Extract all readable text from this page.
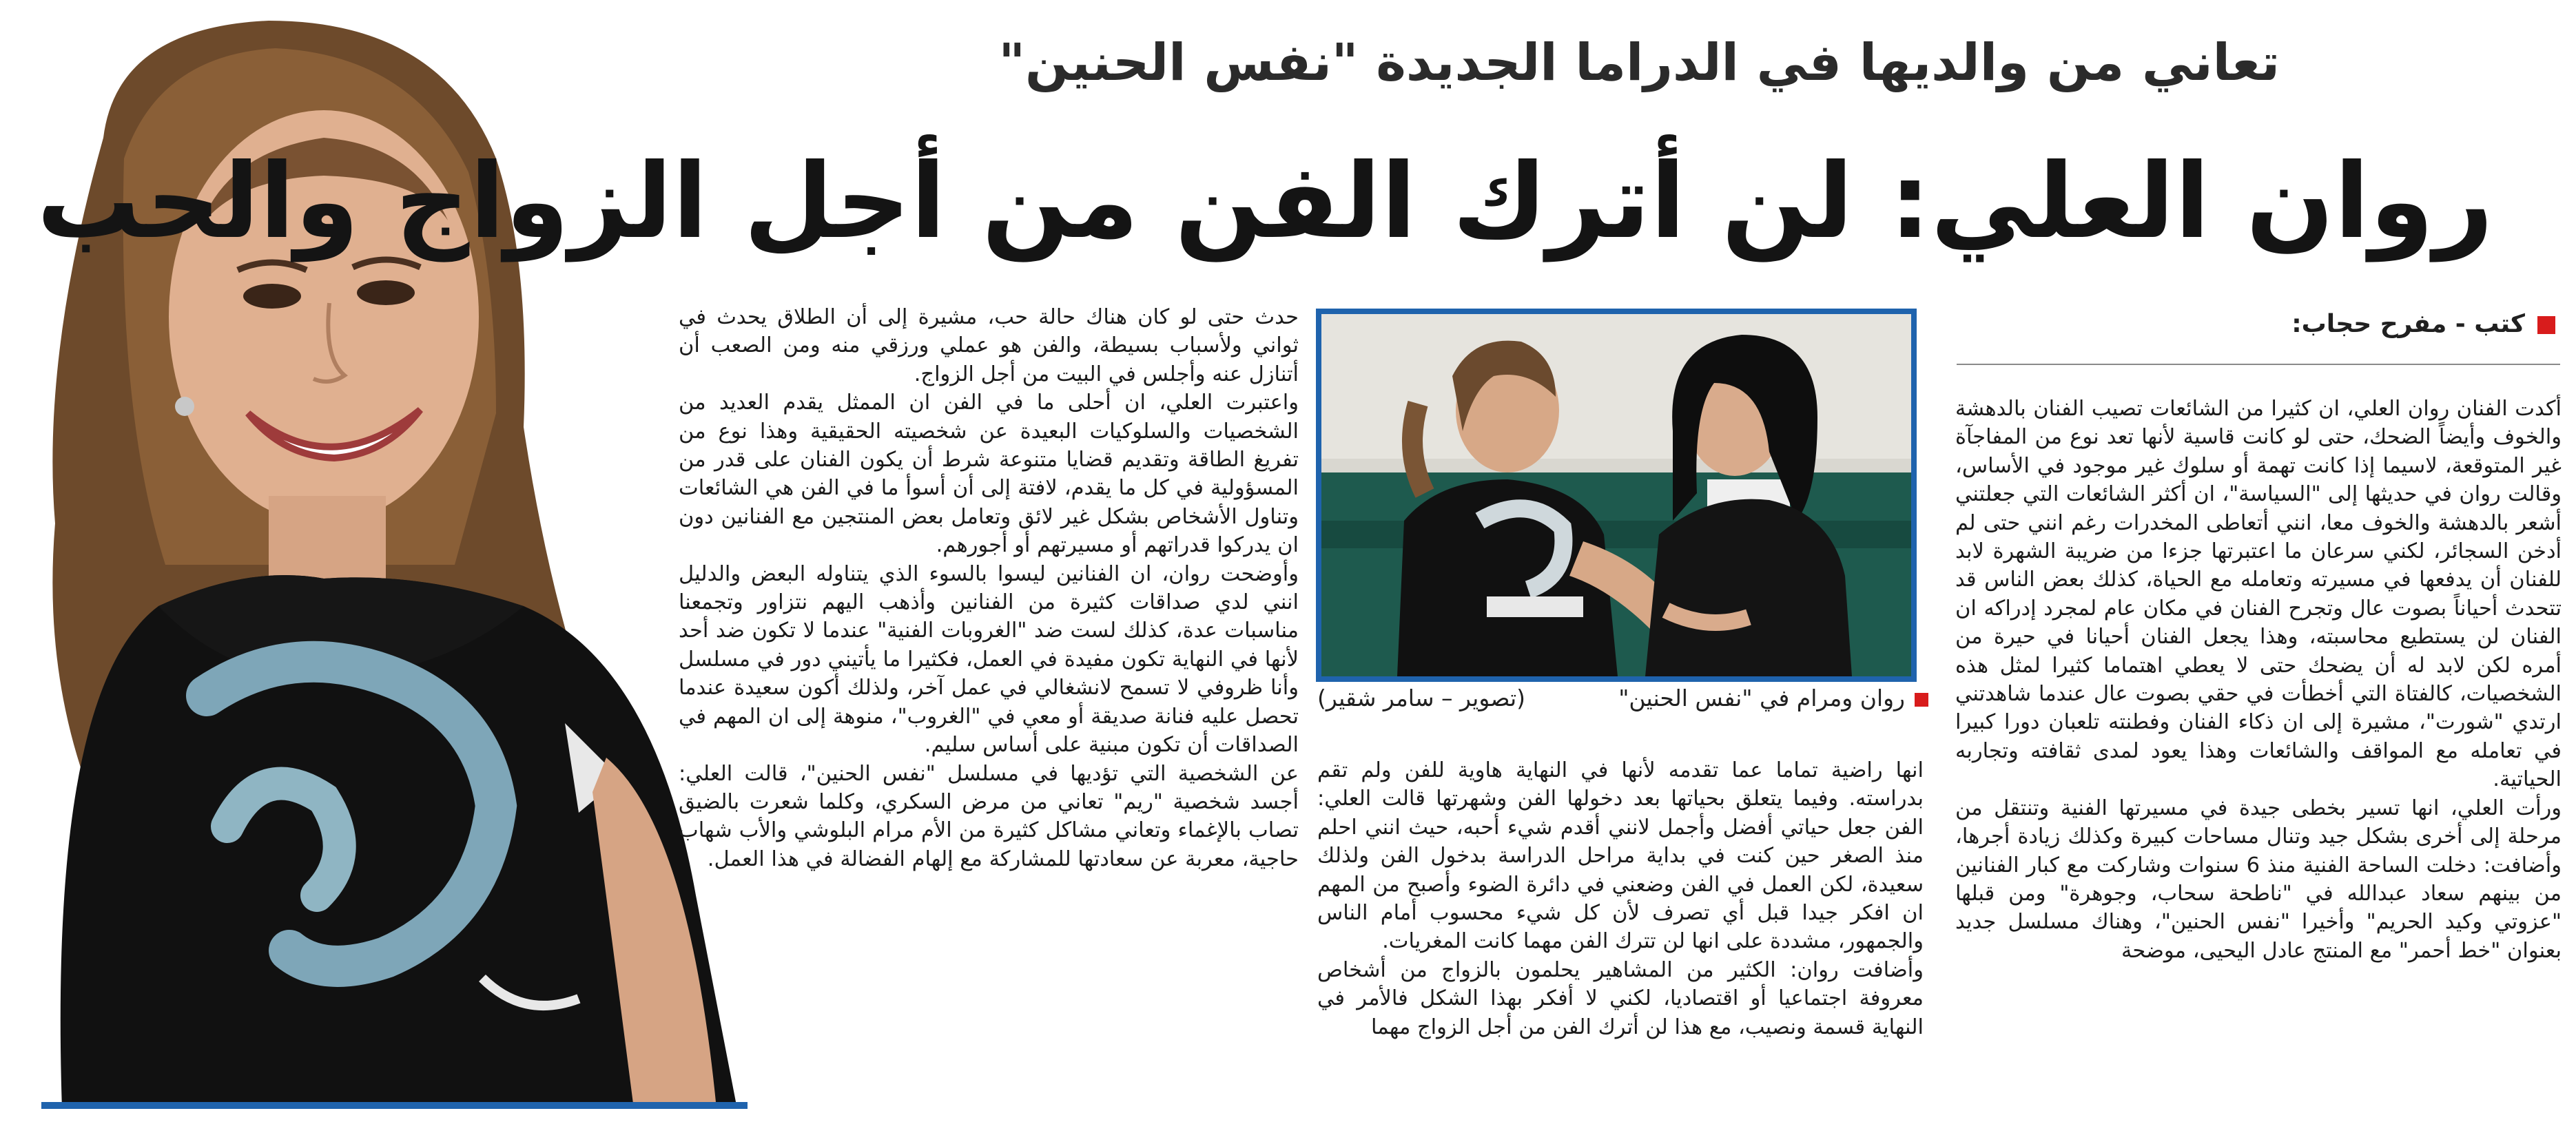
تعاني من والديها في الدراما الجديدة "نفس الحنين"
روان العلي: لن أترك الفن من أجل الزواج والحب
كتب - مفرح حجاب:

أكدت الفنان روان العلي، ان كثيرا من الشائعات تصيب الفنان بالدهشة والخوف وأيضاً الضحك، حتى لو كانت قاسية لأنها تعد نوع من المفاجآة غير المتوقعة، لاسيما إذا كانت تهمة أو سلوك غير موجود في الأساس، وقالت روان في حديثها إلى "السياسة"، ان أكثر الشائعات التي جعلتني أشعر بالدهشة والخوف معا، انني أتعاطى المخدرات رغم انني حتى لم أدخن السجائر، لكني سرعان ما اعتبرتها جزءا من ضريبة الشهرة لابد للفنان أن يدفعها في مسيرته وتعامله مع الحياة، كذلك بعض الناس قد تتحدث أحياناً بصوت عال وتجرح الفنان في مكان عام لمجرد إدراكه ان الفنان لن يستطيع محاسبته، وهذا يجعل الفنان أحيانا في حيرة من أمره لكن لابد له أن يضحك حتى لا يعطي اهتماما كثيرا لمثل هذه الشخصيات، كالفتاة التي أخطأت في حقي بصوت عال عندما شاهدتني ارتدي "شورت"، مشيرة إلى ان ذكاء الفنان وفطنته تلعبان دورا كبيرا في تعامله مع المواقف والشائعات وهذا يعود لمدى ثقافته وتجاربه الحياتية.

ورأت العلي، انها تسير بخطى جيدة في مسيرتها الفنية وتنتقل من مرحلة إلى أخرى بشكل جيد وتنال مساحات كبيرة وكذلك زيادة أجرها، وأضافت: دخلت الساحة الفنية منذ 6 سنوات وشاركت مع كبار الفنانين من بينهم سعاد عبدالله في "ناطحة سحاب، وجوهرة" ومن قبلها "عزوتي وكيد الحريم" وأخيرا "نفس الحنين"، وهناك مسلسل جديد بعنوان "خط أحمر" مع المنتج عادل اليحيى، موضحة

روان ومرام في "نفس الحنين"
(تصوير – سامر شقير)

انها راضية تماما عما تقدمه لأنها في النهاية هاوية للفن ولم تقم بدراسته. وفيما يتعلق بحياتها بعد دخولها الفن وشهرتها قالت العلي: الفن جعل حياتي أفضل وأجمل لانني أقدم شيء أحبه، حيث انني احلم منذ الصغر حين كنت في بداية مراحل الدراسة بدخول الفن ولذلك سعيدة، لكن العمل في الفن وضعني في دائرة الضوء وأصبح من المهم ان افكر جيدا قبل أي تصرف لأن كل شيء محسوب أمام الناس والجمهور، مشددة على انها لن تترك الفن مهما كانت المغريات.

وأضافت روان: الكثير من المشاهير يحلمون بالزواج من أشخاص معروفة اجتماعيا أو اقتصاديا، لكني لا أفكر بهذا الشكل فالأمر في النهاية قسمة ونصيب، مع هذا لن أترك الفن من أجل الزواج مهما

حدث حتى لو كان هناك حالة حب، مشيرة إلى أن الطلاق يحدث في ثواني ولأسباب بسيطة، والفن هو عملي ورزقي منه ومن الصعب أن أتنازل عنه وأجلس في البيت من أجل الزواج.

واعتبرت العلي، ان أحلى ما في الفن ان الممثل يقدم العديد من الشخصيات والسلوكيات البعيدة عن شخصيته الحقيقية وهذا نوع من تفريغ الطاقة وتقديم قضايا متنوعة شرط أن يكون الفنان على قدر من المسؤولية في كل ما يقدم، لافتة إلى أن أسوأ ما في الفن هي الشائعات وتناول الأشخاص بشكل غير لائق وتعامل بعض المنتجين مع الفنانين دون ان يدركوا قدراتهم أو مسيرتهم أو أجورهم.

وأوضحت روان، ان الفنانين ليسوا بالسوء الذي يتناوله البعض والدليل انني لدي صداقات كثيرة من الفنانين وأذهب اليهم نتزاور وتجمعنا مناسبات عدة، كذلك لست ضد "الغروبات الفنية" عندما لا تكون ضد أحد لأنها في النهاية تكون مفيدة في العمل، فكثيرا ما يأتيني دور في مسلسل وأنا ظروفي لا تسمح لانشغالي في عمل آخر، ولذلك أكون سعيدة عندما تحصل عليه فنانة صديقة أو معي في "الغروب"، منوهة إلى ان المهم في الصداقات أن تكون مبنية على أساس سليم.

عن الشخصية التي تؤديها في مسلسل "نفس الحنين"، قالت العلي: أجسد شخصية "ريم" تعاني من مرض السكري، وكلما شعرت بالضيق تصاب بالإغماء وتعاني مشاكل كثيرة من الأم مرام البلوشي والأب شهاب حاجية، معربة عن سعادتها للمشاركة مع إلهام الفضالة في هذا العمل.
